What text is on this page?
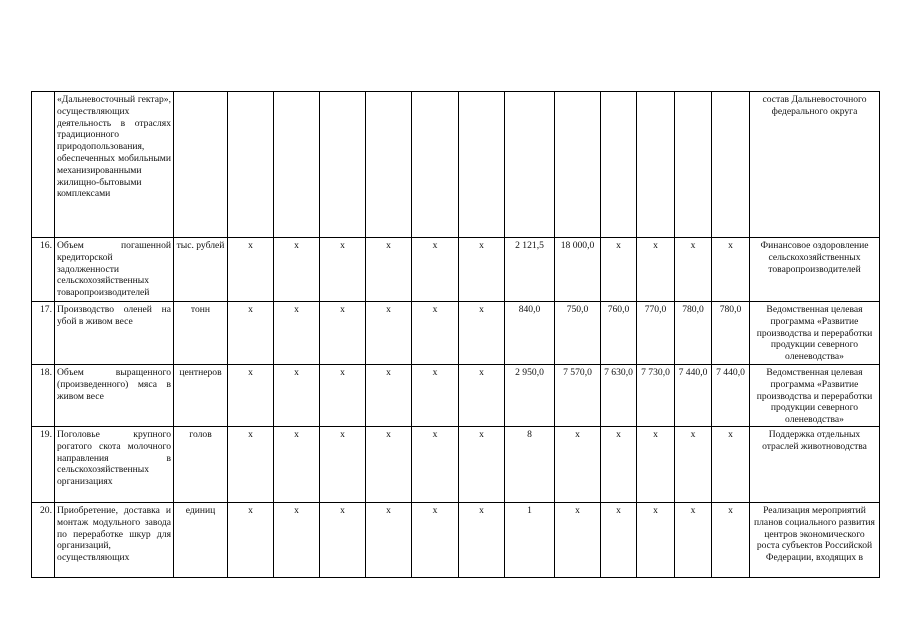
	«Дальневосточный гектар», осуществляющих деятельность в отраслях традиционного природопользования, обеспеченных мобильными механизированными жилищно-бытовыми комплексами														состав Дальневосточного федерального округа
16.	Объем погашенной кредиторской задолженности сельскохозяйственных товаропроизводителей	тыс. рублей	х	х	х	х	х	х	2 121,5	18 000,0	х	х	х	х	Финансовое оздоровление сельскохозяйственных товаропроизводителей
17.	Производство оленей на убой в живом весе	тонн	х	х	х	х	х	х	840,0	750,0	760,0	770,0	780,0	780,0	Ведомственная целевая программа «Развитие производства и переработки продукции северного оленеводства»
18.	Объем выращенного (произведенного) мяса в живом весе	центнеров	х	х	х	х	х	х	2 950,0	7 570,0	7 630,0	7 730,0	7 440,0	7 440,0	Ведомственная целевая программа «Развитие производства и переработки продукции северного оленеводства»
19.	Поголовье крупного рогатого скота молочного направления в сельскохозяйственных организациях	голов	х	х	х	х	х	х	8	х	х	х	х	х	Поддержка отдельных отраслей животноводства
20.	Приобретение, доставка и монтаж модульного завода по переработке шкур для организаций, осуществляющих	единиц	х	х	х	х	х	х	1	х	х	х	х	х	Реализация мероприятий планов социального развития центров экономического роста субъектов Российской Федерации, входящих в
